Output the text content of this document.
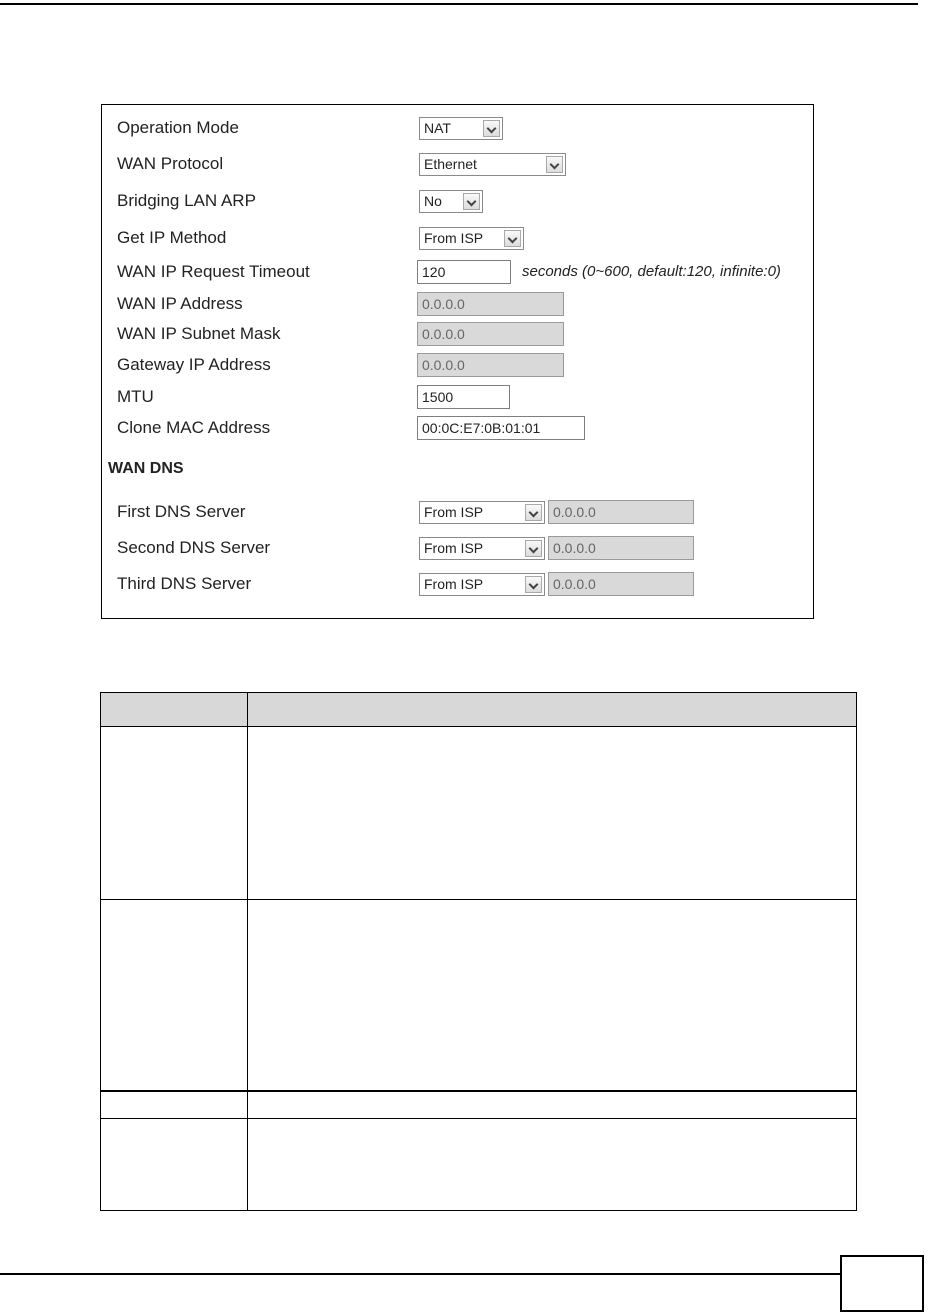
Operation Mode	NAT
WAN Protocol	Ethernet
Bridging LAN ARP	No
Get IP Method	From ISP
WAN IP Request Timeout	120	seconds (0~600, default:120, infinite:0)
WAN IP Address	0.0.0.0
WAN IP Subnet Mask	0.0.0.0
Gateway IP Address	0.0.0.0
MTU	1500
Clone MAC Address	00:0C:E7:0B:01:01
WAN DNS
First DNS Server	From ISP	0.0.0.0
Second DNS Server	From ISP	0.0.0.0
Third DNS Server	From ISP	0.0.0.0
